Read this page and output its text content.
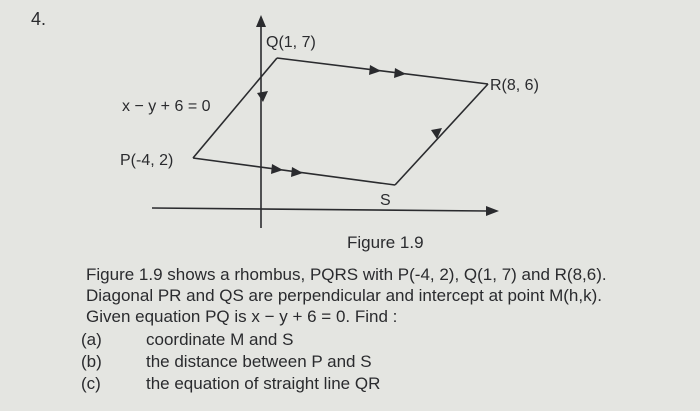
4.
Q(1, 7)
R(8, 6)
P(-4, 2)
S
x − y + 6 = 0
Figure 1.9
Figure 1.9 shows a rhombus, PQRS with P(-4, 2), Q(1, 7) and R(8,6).
Diagonal PR and QS are perpendicular and intercept at point M(h,k).
Given equation PQ is x − y + 6 = 0. Find :
(a)	coordinate M and S
(b)	the distance between P and S
(c)	the equation of straight line QR
